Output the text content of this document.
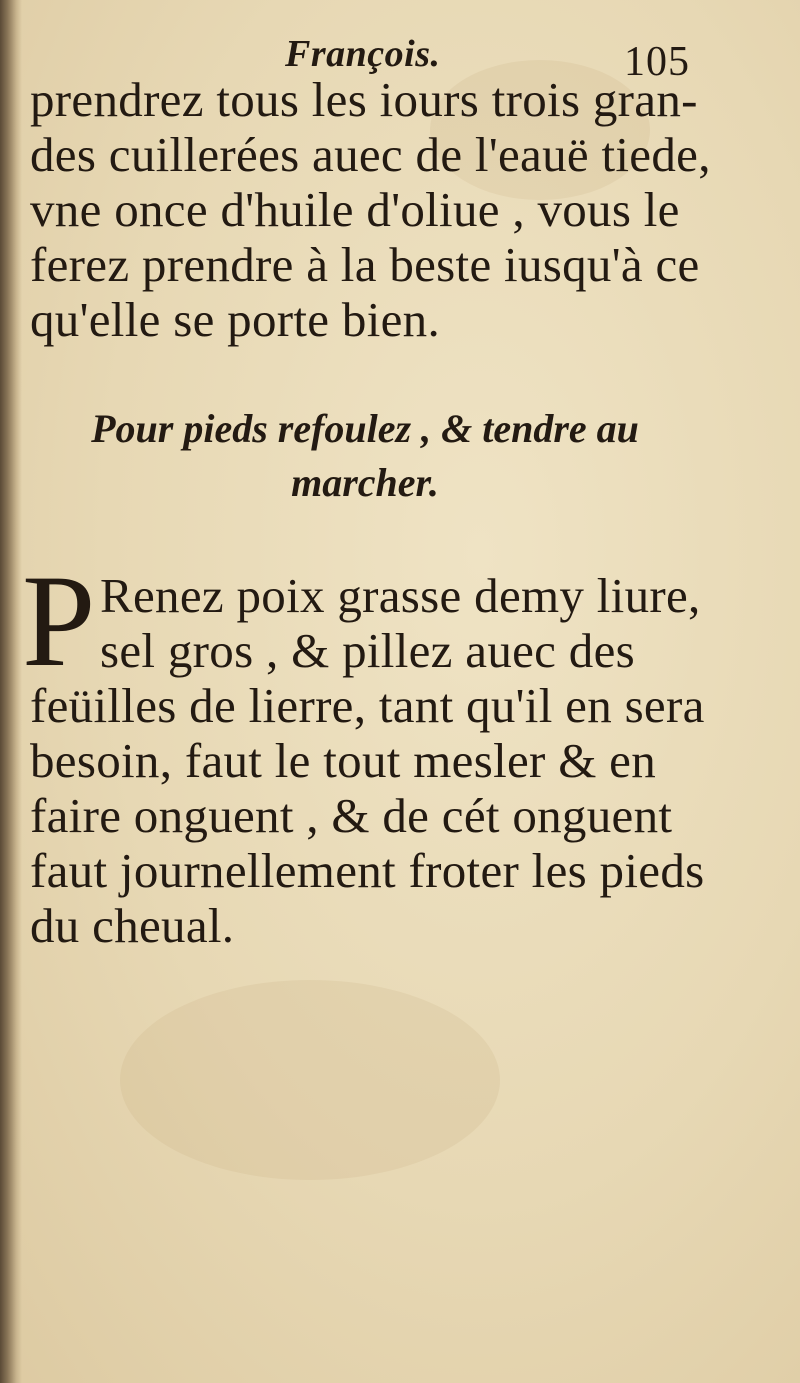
François.	105
prendrez tous les iours trois gran-
des cuillerées auec de l'eauë tiede,
vne once d'huile d'oliue , vous le
ferez prendre à la beste iusqu'à ce
qu'elle se porte bien.
Pour pieds refoulez , & tendre au
marcher.
P Renez poix grasse demy liure,
sel gros , & pillez auec des
feüilles de lierre, tant qu'il en sera
besoin, faut le tout mesler & en
faire onguent , & de cét onguent
faut journellement froter les pieds
du cheual.
